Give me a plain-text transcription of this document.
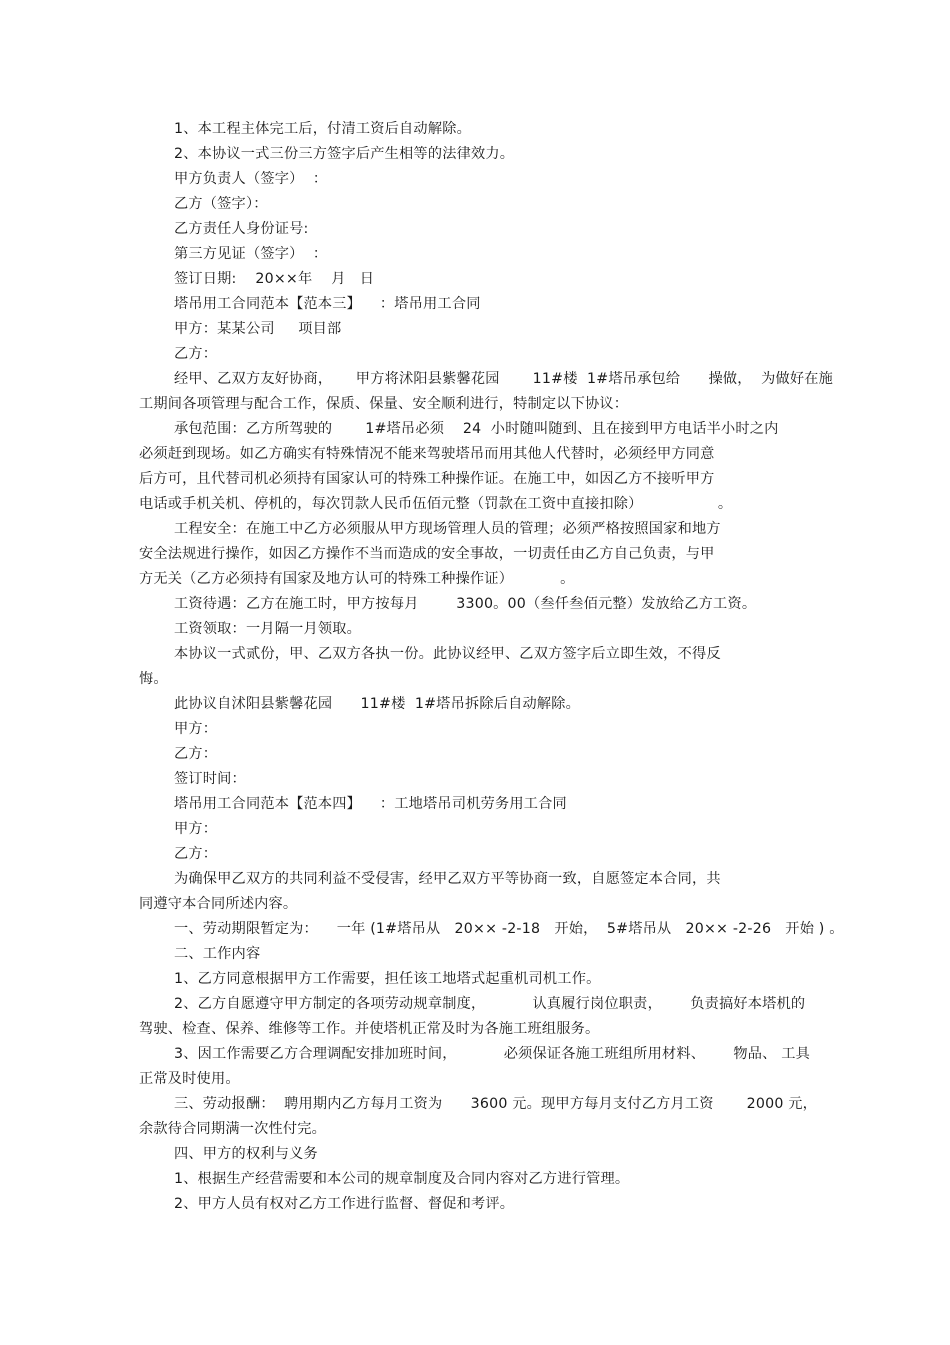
1、本工程主体完工后，付清工资后自动解除。
2、本协议一式三份三方签字后产生相等的法律效力。
甲方负责人（签字）  ：
乙方（签字）：
乙方责任人身份证号:
第三方见证（签字）  ：
签订日期:    20××年    月   日
塔吊用工合同范本【范本三】    ：塔吊用工合同
甲方：某某公司     项目部
乙方：
经甲、乙双方友好协商，     甲方将沭阳县紫馨花园       11#楼  1#塔吊承包给      操做，  为做好在施
工期间各项管理与配合工作，保质、保量、安全顺利进行，特制定以下协议：
承包范围：乙方所驾驶的       1#塔吊必须    24  小时随叫随到、且在接到甲方电话半小时之内
必须赶到现场。如乙方确实有特殊情况不能来驾驶塔吊而用其他人代替时，必须经甲方同意
后方可，且代替司机必须持有国家认可的特殊工种操作证。在施工中，如因乙方不接听甲方
电话或手机关机、停机的，每次罚款人民币伍佰元整（罚款在工资中直接扣除）                。
工程安全：在施工中乙方必须服从甲方现场管理人员的管理；必须严格按照国家和地方
安全法规进行操作，如因乙方操作不当而造成的安全事故，一切责任由乙方自己负责，与甲
方无关（乙方必须持有国家及地方认可的特殊工种操作证）          。
工资待遇：乙方在施工时，甲方按每月        3300。00（叁仟叁佰元整）发放给乙方工资。
工资领取：一月隔一月领取。
本协议一式贰份，甲、乙双方各执一份。此协议经甲、乙双方签字后立即生效，不得反
悔。
此协议自沭阳县紫馨花园      11#楼  1#塔吊拆除后自动解除。
甲方：
乙方：
签订时间：
塔吊用工合同范本【范本四】    ：工地塔吊司机劳务用工合同
甲方：
乙方：
为确保甲乙双方的共同利益不受侵害，经甲乙双方平等协商一致，自愿签定本合同，共
同遵守本合同所述内容。
一、劳动期限暂定为：    一年 (1#塔吊从   20×× -2-18   开始，  5#塔吊从   20×× -2-26   开始 ) 。
二、工作内容
1、乙方同意根据甲方工作需要，担任该工地塔式起重机司机工作。
2、乙方自愿遵守甲方制定的各项劳动规章制度，          认真履行岗位职责，      负责搞好本塔机的
驾驶、检查、保养、维修等工作。并使塔机正常及时为各施工班组服务。
3、因工作需要乙方合理调配安排加班时间，          必须保证各施工班组所用材料、      物品、 工具
正常及时使用。
三、劳动报酬：  聘用期内乙方每月工资为      3600 元。现甲方每月支付乙方月工资       2000 元，
余款待合同期满一次性付完。
四、甲方的权利与义务
1、根据生产经营需要和本公司的规章制度及合同内容对乙方进行管理。
2、甲方人员有权对乙方工作进行监督、督促和考评。
